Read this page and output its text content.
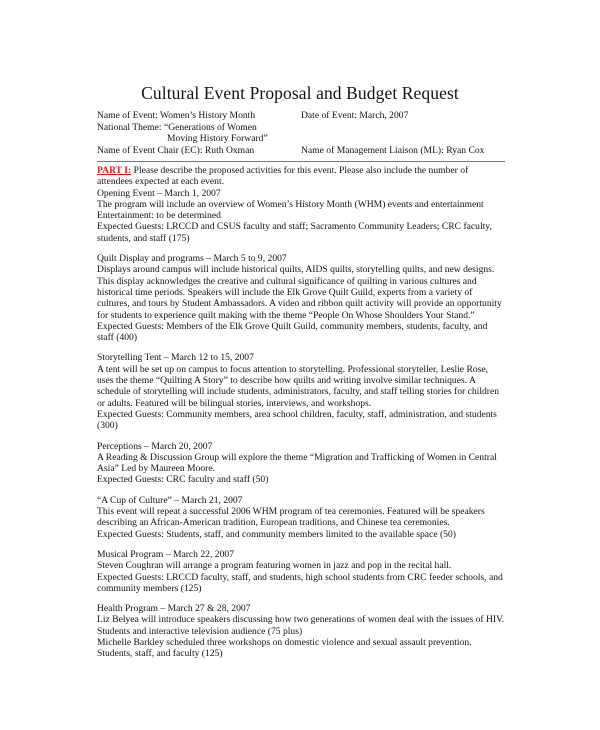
Cultural Event Proposal and Budget Request
Name of Event: Women’s History Month	Date of Event: March, 2007
National Theme: “Generations of Women
Moving History Forward”
Name of Event Chair (EC): Ruth Oxman	Name of Management Liaison (ML): Ryan Cox

PART I: Please describe the proposed activities for this event. Please also include the number of attendees expected at each event.

Opening Event – March 1, 2007

The program will include an overview of Women’s History Month (WHM) events and entertainment

Entertainment: to be determined

Expected Guests: LRCCD and CSUS faculty and staff; Sacramento Community Leaders; CRC faculty, students, and staff (175)

Quilt Display and programs – March 5 to 9, 2007

Displays around campus will include historical quilts, AIDS quilts, storytelling quilts, and new designs. This display acknowledges the creative and cultural significance of quilting in various cultures and historical time periods. Speakers will include the Elk Grove Quilt Guild, experts from a variety of cultures, and tours by Student Ambassadors. A video and ribbon quilt activity will provide an opportunity for students to experience quilt making with the theme “People On Whose Shoulders Your Stand.”

Expected Guests: Members of the Elk Grove Quilt Guild, community members, students, faculty, and staff (400)

Storytelling Tent – March 12 to 15, 2007

A tent will be set up on campus to focus attention to storytelling. Professional storyteller, Leslie Rose, uses the theme “Quilting A Story” to describe how quilts and writing involve similar techniques. A schedule of storytelling will include students, administrators, faculty, and staff telling stories for children or adults. Featured will be bilingual stories, interviews, and workshops.

Expected Guests: Community members, area school children, faculty, staff, administration, and students (300)

Perceptions – March 20, 2007

A Reading & Discussion Group will explore the theme “Migration and Trafficking of Women in Central Asia” Led by Maureen Moore.

Expected Guests: CRC faculty and staff (50)

“A Cup of Culture” – March 21, 2007

This event will repeat a successful 2006 WHM program of tea ceremonies. Featured will be speakers describing an African-American tradition, European traditions, and Chinese tea ceremonies.

Expected Guests: Students, staff, and community members limited to the available space (50)

Musical Program – March 22, 2007

Steven Coughran will arrange a program featuring women in jazz and pop in the recital hall.

Expected Guests: LRCCD faculty, staff, and students, high school students from CRC feeder schools, and community members (125)

Health Program – March 27 & 28, 2007

Liz Belyea will introduce speakers discussing how two generations of women deal with the issues of HIV.

Students and interactive television audience (75 plus)

Michelle Barkley scheduled three workshops on domestic violence and sexual assault prevention.

Students, staff, and faculty (125)
